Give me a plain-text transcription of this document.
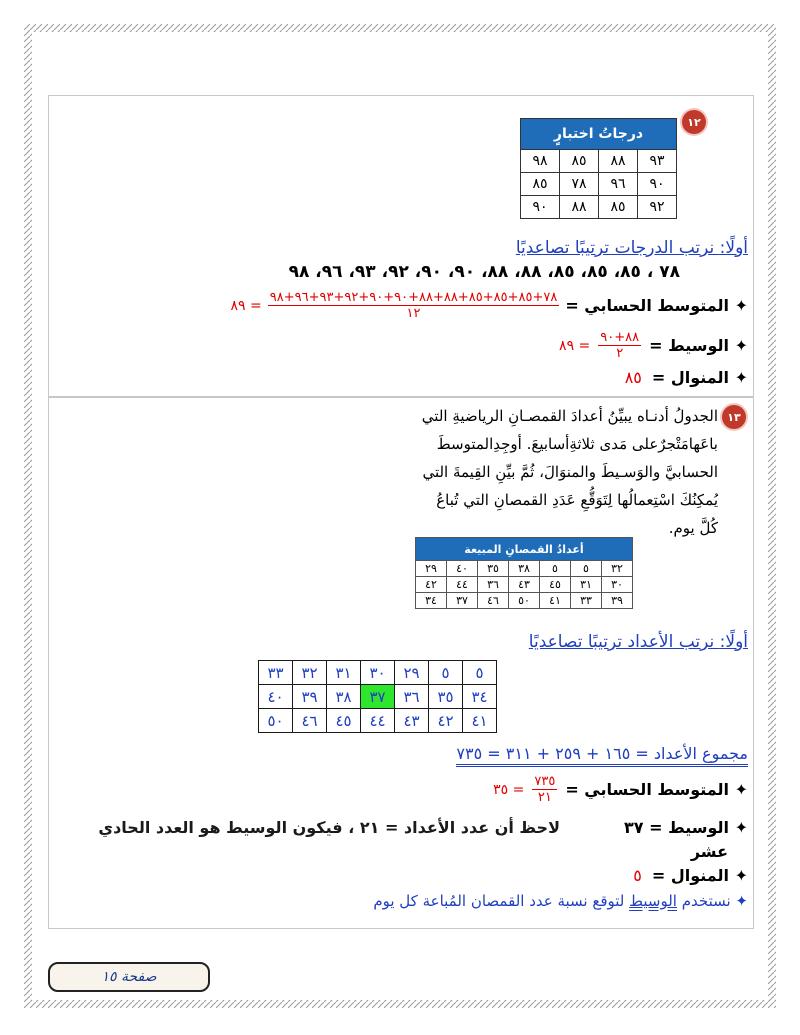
١٢
درجاتُ اختبارٍ			
٩٨	٨٥	٨٨	٩٣
٨٥	٧٨	٩٦	٩٠
٩٠	٨٨	٨٥	٩٢
أولًا: نرتب الدرجات ترتيبًا تصاعديًا
٧٨ ، ٨٥، ٨٥، ٨٥، ٨٨، ٨٨، ٩٠، ٩٠، ٩٢، ٩٣، ٩٦، ٩٨
✦ المتوسط الحسابي =
$\frac{٧٨+٨٥+٨٥+٨٥+٨٨+٨٨+٩٠+٩٠+٩٢+٩٣+٩٦+٩٨}{١٢}$
= ٨٩
✦ الوسيط =
$\frac{٨٨+٩٠}{٢}$
= ٨٩
✦ المنوال =
٨٥
١٣
الجدولُ أدنـاه يبيِّنُ أعدادَ القمصـانِ الرياضيةِ التي
باعَهامَتْجرٌعلى مَدى ثلاثةِأسابيعَ. أوجِدِالمتوسطَ
الحسابيَّ والوَسـيطَ والمنوَالَ، ثُمَّ بيِّنِ القِيمةَ التي
يُمكِنُكَ اسْتِعمالُها لِتَوَقُّعِ عَدَدِ القمصانِ التي تُباعُ
كُلَّ يوم.
أعدادُ القمصانِ المبيعة						
٣٢	٥	٥	٣٨	٣٥	٤٠	٢٩
٣٠	٣١	٤٥	٤٣	٣٦	٤٤	٤٢
٣٩	٣٣	٤١	٥٠	٤٦	٣٧	٣٤
أولًا: نرتب الأعداد ترتيبًا تصاعديًا
٥	٥	٢٩	٣٠	٣١	٣٢	٣٣
٣٤	٣٥	٣٦	٣٧	٣٨	٣٩	٤٠
٤١	٤٢	٤٣	٤٤	٤٥	٤٦	٥٠
مجموع الأعداد = ١٦٥ + ٢٥٩ + ٣١١ = ٧٣٥
✦ المتوسط الحسابي =
$\frac{٧٣٥}{٢١}$
= ٣٥
✦ الوسيط = ٣٧
لاحظ أن عدد الأعداد = ٢١ ، فيكون الوسيط هو العدد الحادي
عشر
✦ المنوال =
٥
✦ نستخدم الوسيط لتوقع نسبة عدد القمصان المُباعة كل يوم
صفحة ١٥
